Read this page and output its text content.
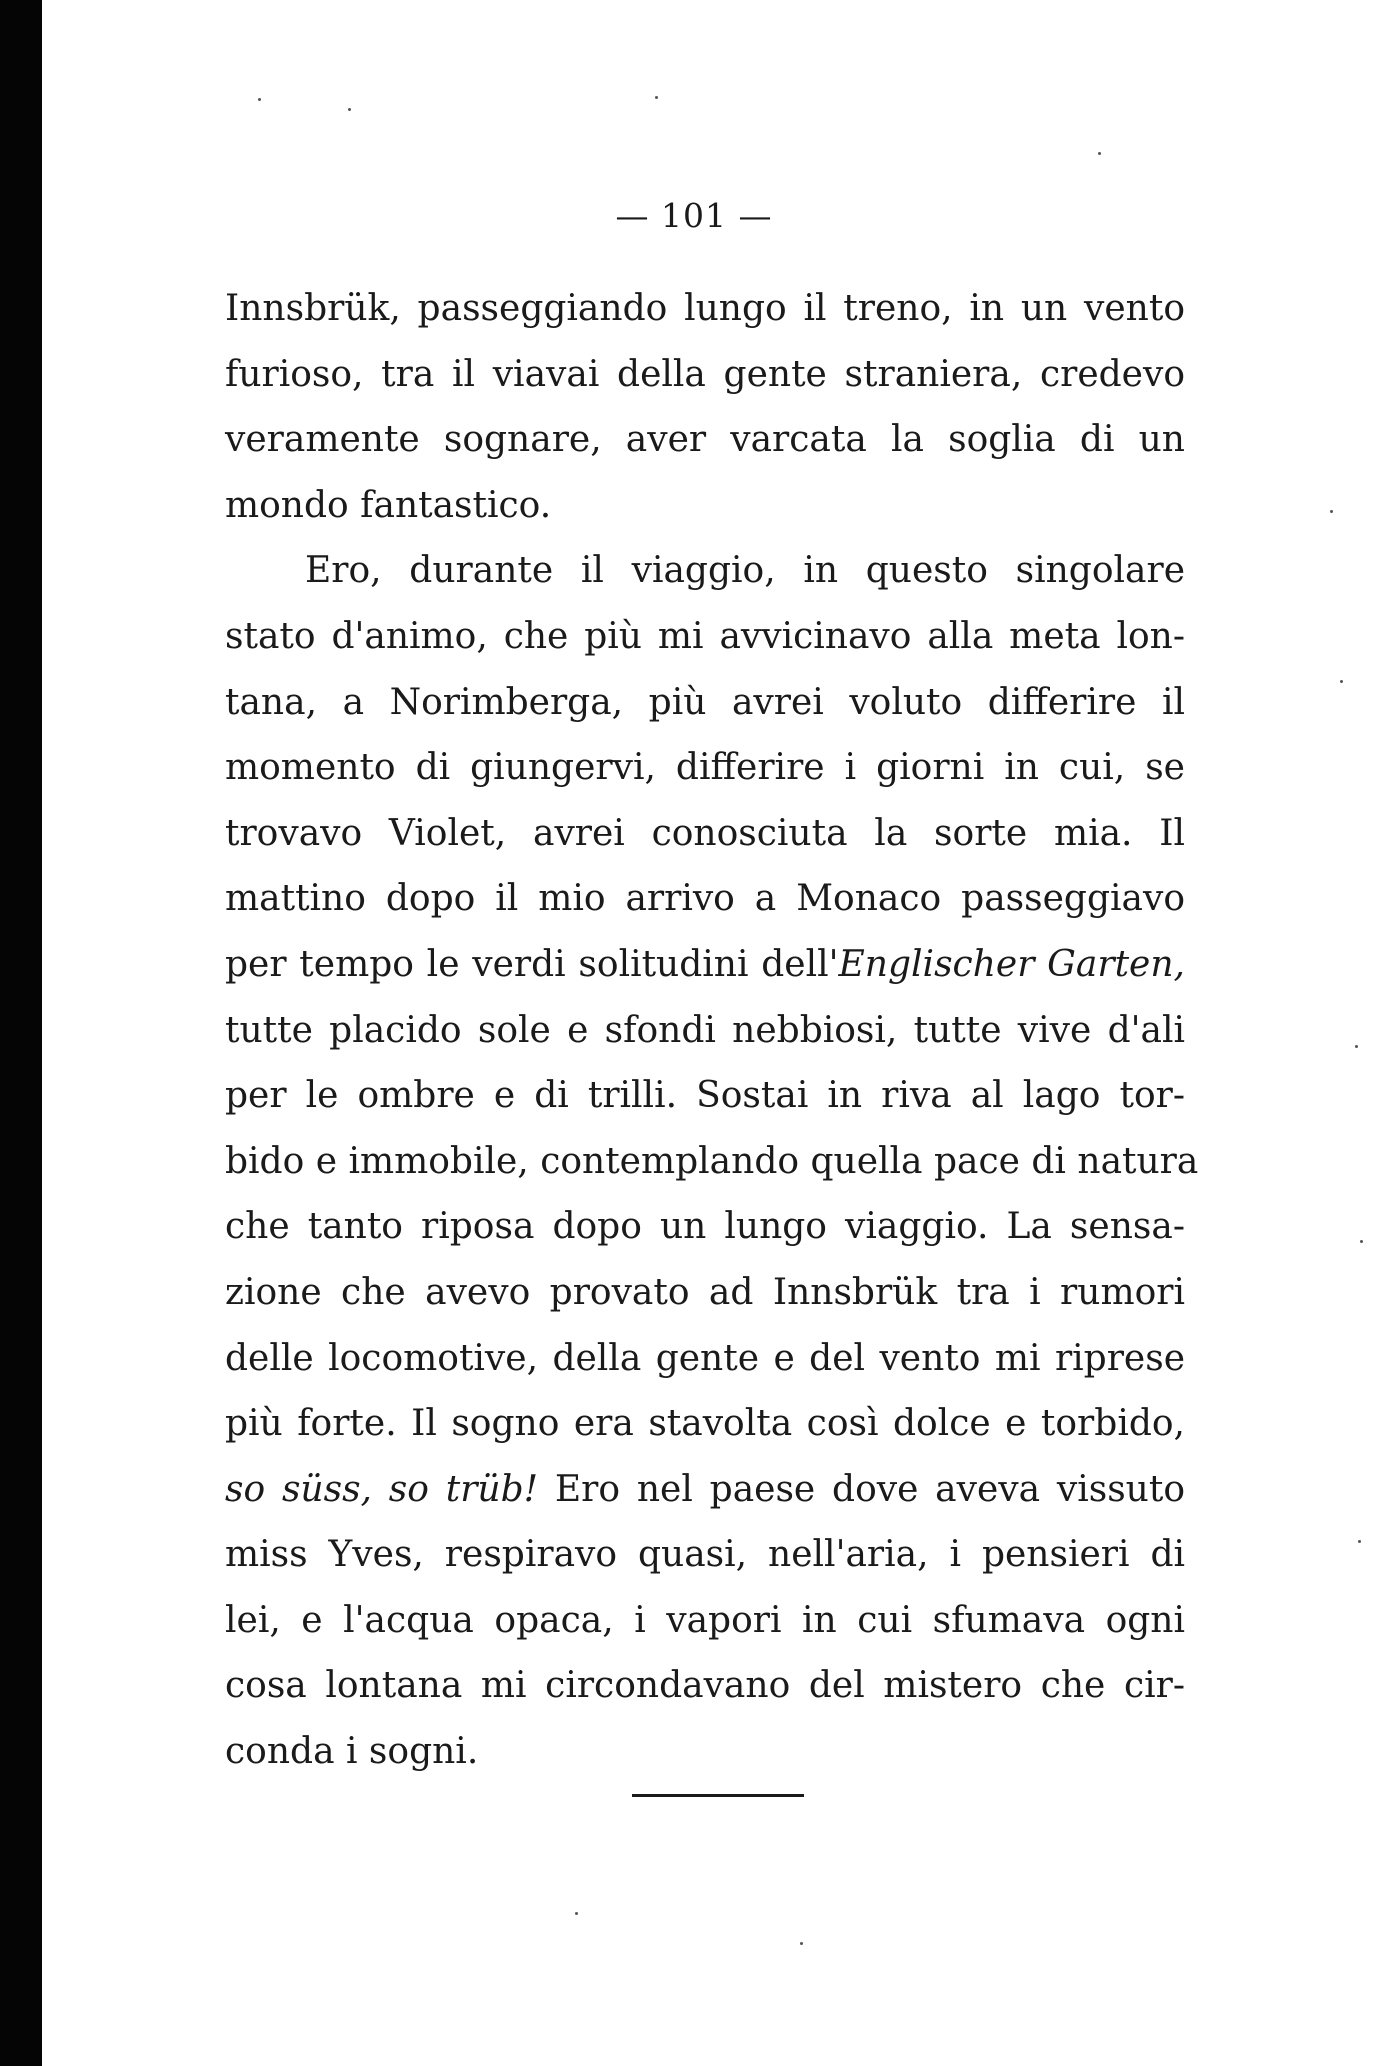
— 101 —

Innsbrük, passeggiando lungo il treno, in un vento

furioso, tra il viavai della gente straniera, credevo

veramente sognare, aver varcata la soglia di un

mondo fantastico.

Ero, durante il viaggio, in questo singolare

stato d'animo, che più mi avvicinavo alla meta lon-

tana, a Norimberga, più avrei voluto differire il

momento di giungervi, differire i giorni in cui, se

trovavo Violet, avrei conosciuta la sorte mia. Il

mattino dopo il mio arrivo a Monaco passeggiavo

per tempo le verdi solitudini dell'Englischer Garten,

tutte placido sole e sfondi nebbiosi, tutte vive d'ali

per le ombre e di trilli. Sostai in riva al lago tor-

bido e immobile, contemplando quella pace di natura

che tanto riposa dopo un lungo viaggio. La sensa-

zione che avevo provato ad Innsbrük tra i rumori

delle locomotive, della gente e del vento mi riprese

più forte. Il sogno era stavolta così dolce e torbido,

so süss, so trüb! Ero nel paese dove aveva vissuto

miss Yves, respiravo quasi, nell'aria, i pensieri di

lei, e l'acqua opaca, i vapori in cui sfumava ogni

cosa lontana mi circondavano del mistero che cir-

conda i sogni.
